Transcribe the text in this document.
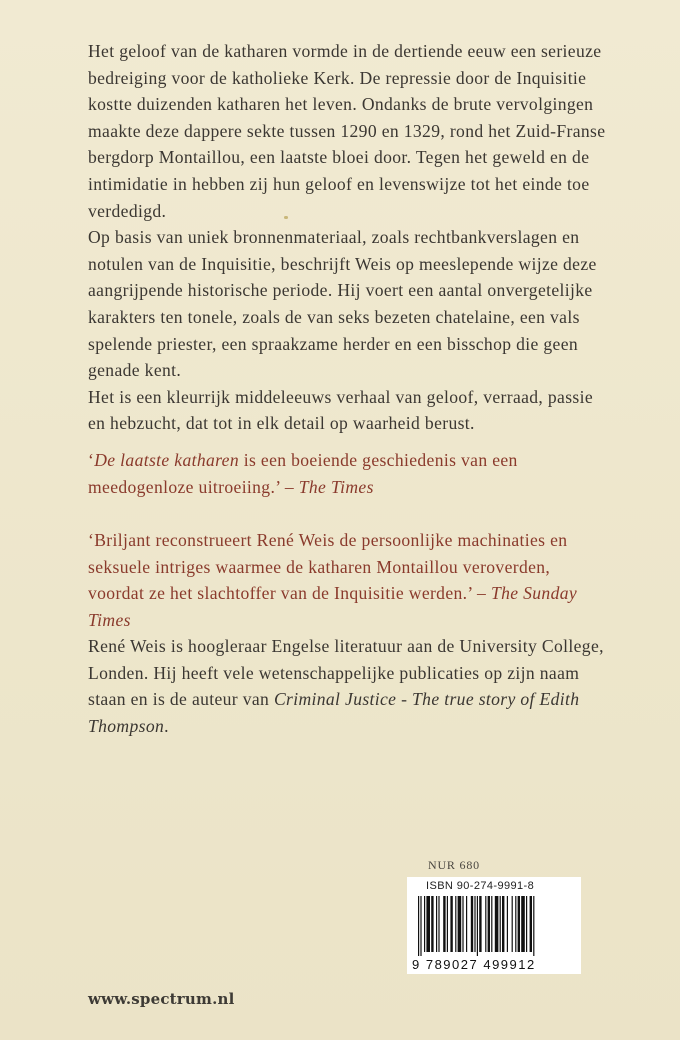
Het geloof van de katharen vormde in de dertiende eeuw een serieuze bedreiging voor de katholieke Kerk. De repressie door de Inquisitie kostte duizenden katharen het leven. Ondanks de brute vervolgingen maakte deze dappere sekte tussen 1290 en 1329, rond het Zuid-Franse bergdorp Montaillou, een laatste bloei door. Tegen het geweld en de intimidatie in hebben zij hun geloof en levenswijze tot het einde toe verdedigd.

Op basis van uniek bronnenmateriaal, zoals rechtbankverslagen en notulen van de Inquisitie, beschrijft Weis op meeslepende wijze deze aangrijpende historische periode. Hij voert een aantal onvergetelijke karakters ten tonele, zoals de van seks bezeten chatelaine, een vals spelende priester, een spraakzame herder en een bisschop die geen genade kent.

Het is een kleurrijk middeleeuws verhaal van geloof, verraad, passie en hebzucht, dat tot in elk detail op waarheid berust.

‘De laatste katharen is een boeiende geschiedenis van een meedogenloze uitroeiing.’ – The Times
‘Briljant reconstrueert René Weis de persoonlijke machinaties en seksuele intriges waarmee de katharen Montaillou veroverden, voordat ze het slachtoffer van de Inquisitie werden.’ – The Sunday Times
René Weis is hoogleraar Engelse literatuur aan de University College, Londen. Hij heeft vele wetenschappelijke publicaties op zijn naam staan en is de auteur van Criminal Justice - The true story of Edith Thompson.
NUR 680
ISBN 90-274-9991-8
9 789027 499912
www.spectrum.nl
